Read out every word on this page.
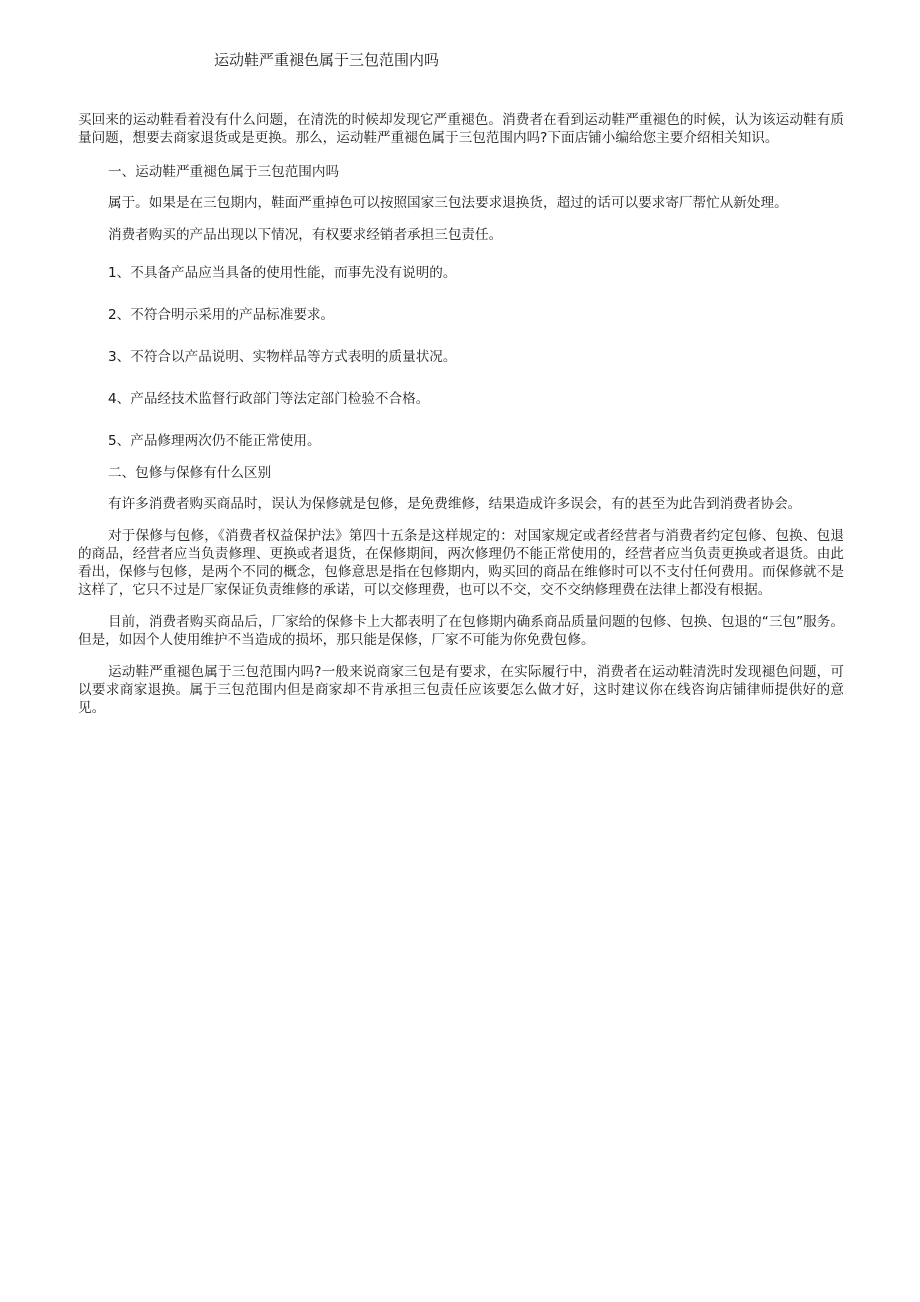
运动鞋严重褪色属于三包范围内吗

买回来的运动鞋看着没有什么问题，在清洗的时候却发现它严重褪色。消费者在看到运动鞋严重褪色的时候，认为该运动鞋有质量问题，想要去商家退货或是更换。那么，运动鞋严重褪色属于三包范围内吗?下面店铺小编给您主要介绍相关知识。

一、运动鞋严重褪色属于三包范围内吗

属于。如果是在三包期内，鞋面严重掉色可以按照国家三包法要求退换货，超过的话可以要求寄厂帮忙从新处理。

消费者购买的产品出现以下情况，有权要求经销者承担三包责任。

1、不具备产品应当具备的使用性能，而事先没有说明的。

2、不符合明示采用的产品标准要求。

3、不符合以产品说明、实物样品等方式表明的质量状况。

4、产品经技术监督行政部门等法定部门检验不合格。

5、产品修理两次仍不能正常使用。

二、包修与保修有什么区别

有许多消费者购买商品时，误认为保修就是包修，是免费维修，结果造成许多误会，有的甚至为此告到消费者协会。

对于保修与包修，《消费者权益保护法》第四十五条是这样规定的：对国家规定或者经营者与消费者约定包修、包换、包退的商品，经营者应当负责修理、更换或者退货，在保修期间，两次修理仍不能正常使用的，经营者应当负责更换或者退货。由此看出，保修与包修，是两个不同的概念，包修意思是指在包修期内，购买回的商品在维修时可以不支付任何费用。而保修就不是这样了，它只不过是厂家保证负责维修的承诺，可以交修理费，也可以不交，交不交纳修理费在法律上都没有根据。

目前，消费者购买商品后，厂家给的保修卡上大都表明了在包修期内确系商品质量问题的包修、包换、包退的“三包”服务。但是，如因个人使用维护不当造成的损坏，那只能是保修，厂家不可能为你免费包修。

运动鞋严重褪色属于三包范围内吗?一般来说商家三包是有要求，在实际履行中，消费者在运动鞋清洗时发现褪色问题，可以要求商家退换。属于三包范围内但是商家却不肯承担三包责任应该要怎么做才好，这时建议你在线咨询店铺律师提供好的意见。
